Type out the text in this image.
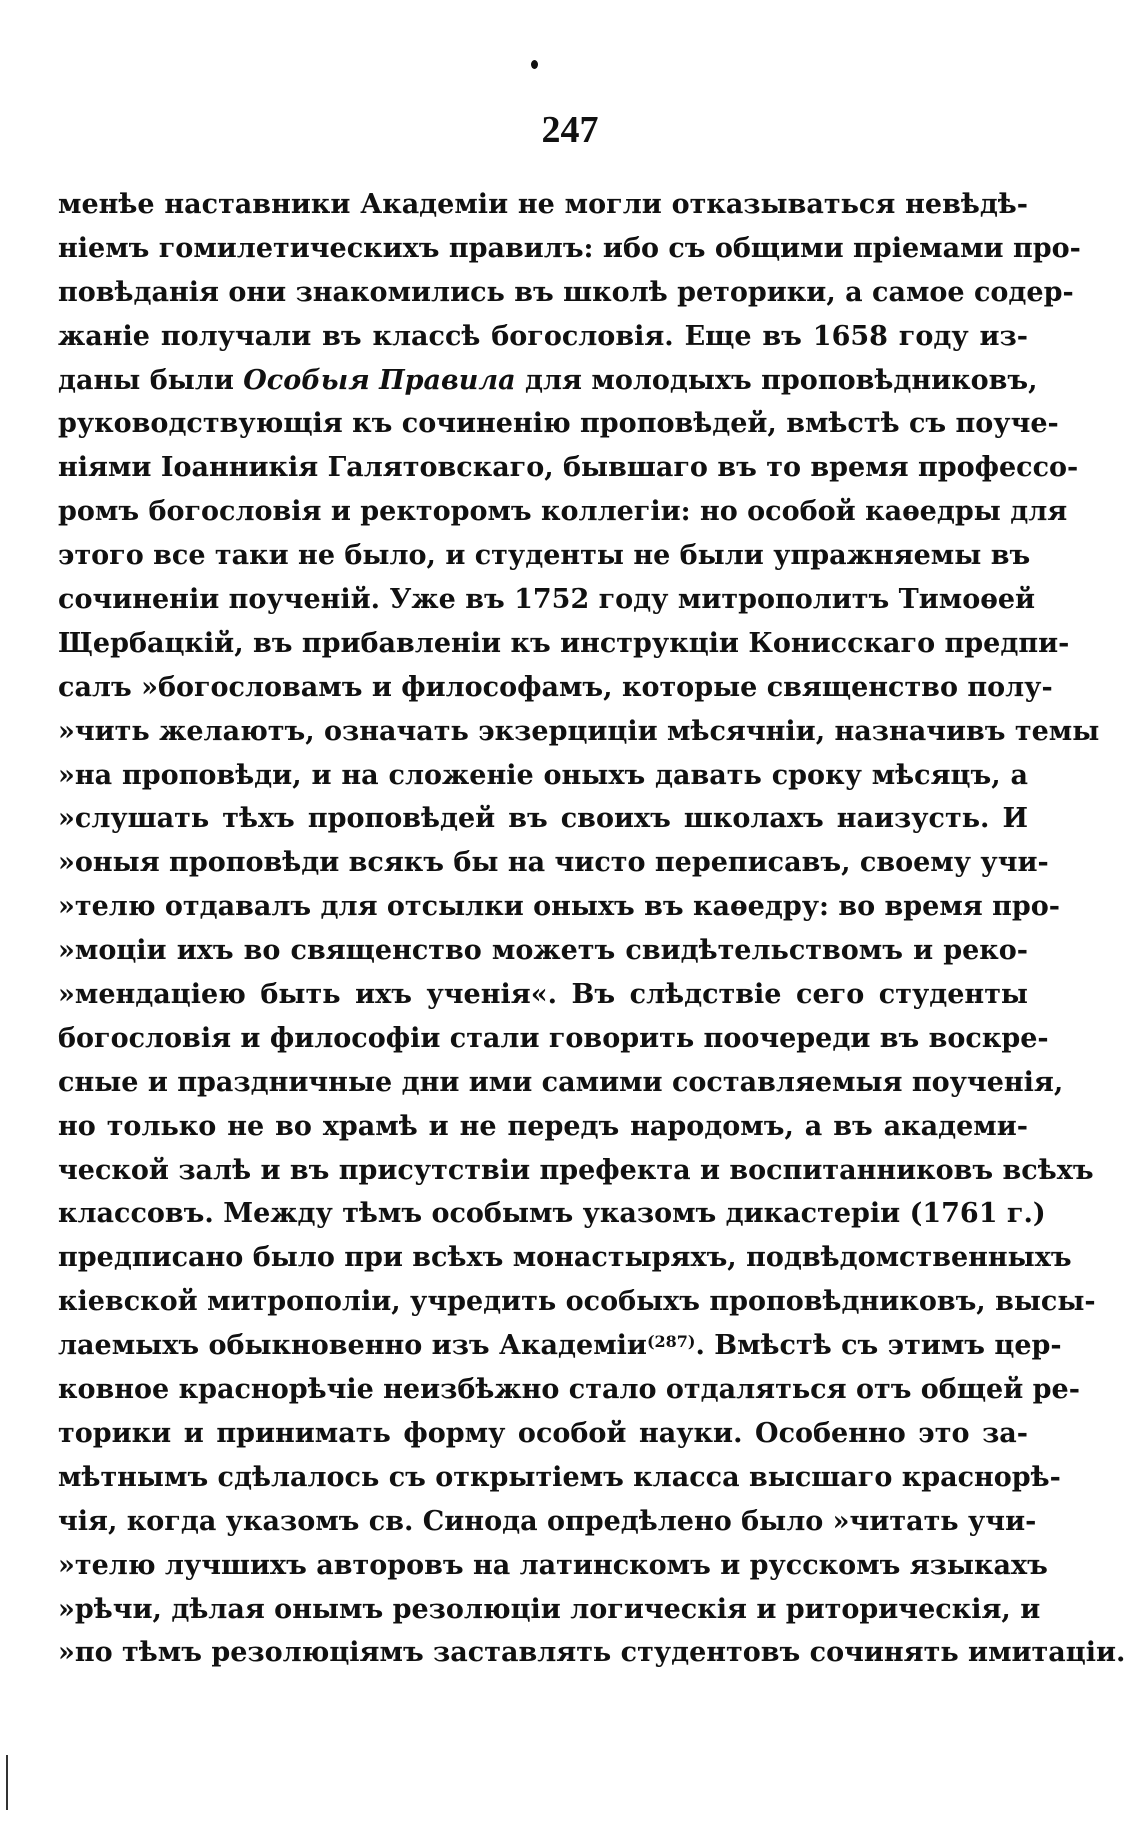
247
менѣе наставники Академіи не могли отказываться невѣдѣ-
ніемъ гомилетическихъ правилъ: ибо съ общими пріемами про-
повѣданія они знакомились въ школѣ реторики, а самое содер-
жаніе получали въ классѣ богословія. Еще въ 1658 году из-
даны были Особыя Правила для молодыхъ проповѣдниковъ,
руководствующія къ сочиненію проповѣдей, вмѣстѣ съ поуче-
ніями Іоанникія Галятовскаго, бывшаго въ то время профессо-
ромъ богословія и ректоромъ коллегіи: но особой каѳедры для
этого все таки не было, и студенты не были упражняемы въ
сочиненіи поученій. Уже въ 1752 году митрополитъ Тимоѳей
Щербацкій, въ прибавленіи къ инструкціи Конисскаго предпи-
салъ »богословамъ и философамъ, которые священство полу-
»чить желаютъ, означать экзерциціи мѣсячніи, назначивъ темы
»на проповѣди, и на сложеніе оныхъ давать сроку мѣсяцъ, а
»слушать тѣхъ проповѣдей въ своихъ школахъ наизусть. И
»оныя проповѣди всякъ бы на чисто переписавъ, своему учи-
»телю отдавалъ для отсылки оныхъ въ каѳедру: во время про-
»моціи ихъ во священство можетъ свидѣтельствомъ и реко-
»мендаціею быть ихъ ученія«. Въ слѣдствіе сего студенты
богословія и философіи стали говорить поочереди въ воскре-
сные и праздничные дни ими самими составляемыя поученія,
но только не во храмѣ и не передъ народомъ, а въ академи-
ческой залѣ и въ присутствіи префекта и воспитанниковъ всѣхъ
классовъ. Между тѣмъ особымъ указомъ дикастеріи (1761 г.)
предписано было при всѣхъ монастыряхъ, подвѣдомственныхъ
кіевской митрополіи, учредить особыхъ проповѣдниковъ, высы-
лаемыхъ обыкновенно изъ Академіи$^{(287)}$. Вмѣстѣ съ этимъ цер-
ковное краснорѣчіе неизбѣжно стало отдаляться отъ общей ре-
торики и принимать форму особой науки. Особенно это за-
мѣтнымъ сдѣлалось съ открытіемъ класса высшаго краснорѣ-
чія, когда указомъ св. Синода опредѣлено было »читать учи-
»телю лучшихъ авторовъ на латинскомъ и русскомъ языкахъ
»рѣчи, дѣлая онымъ резолюціи логическія и риторическія, и
»по тѣмъ резолюціямъ заставлять студентовъ сочинять имитаціи.
